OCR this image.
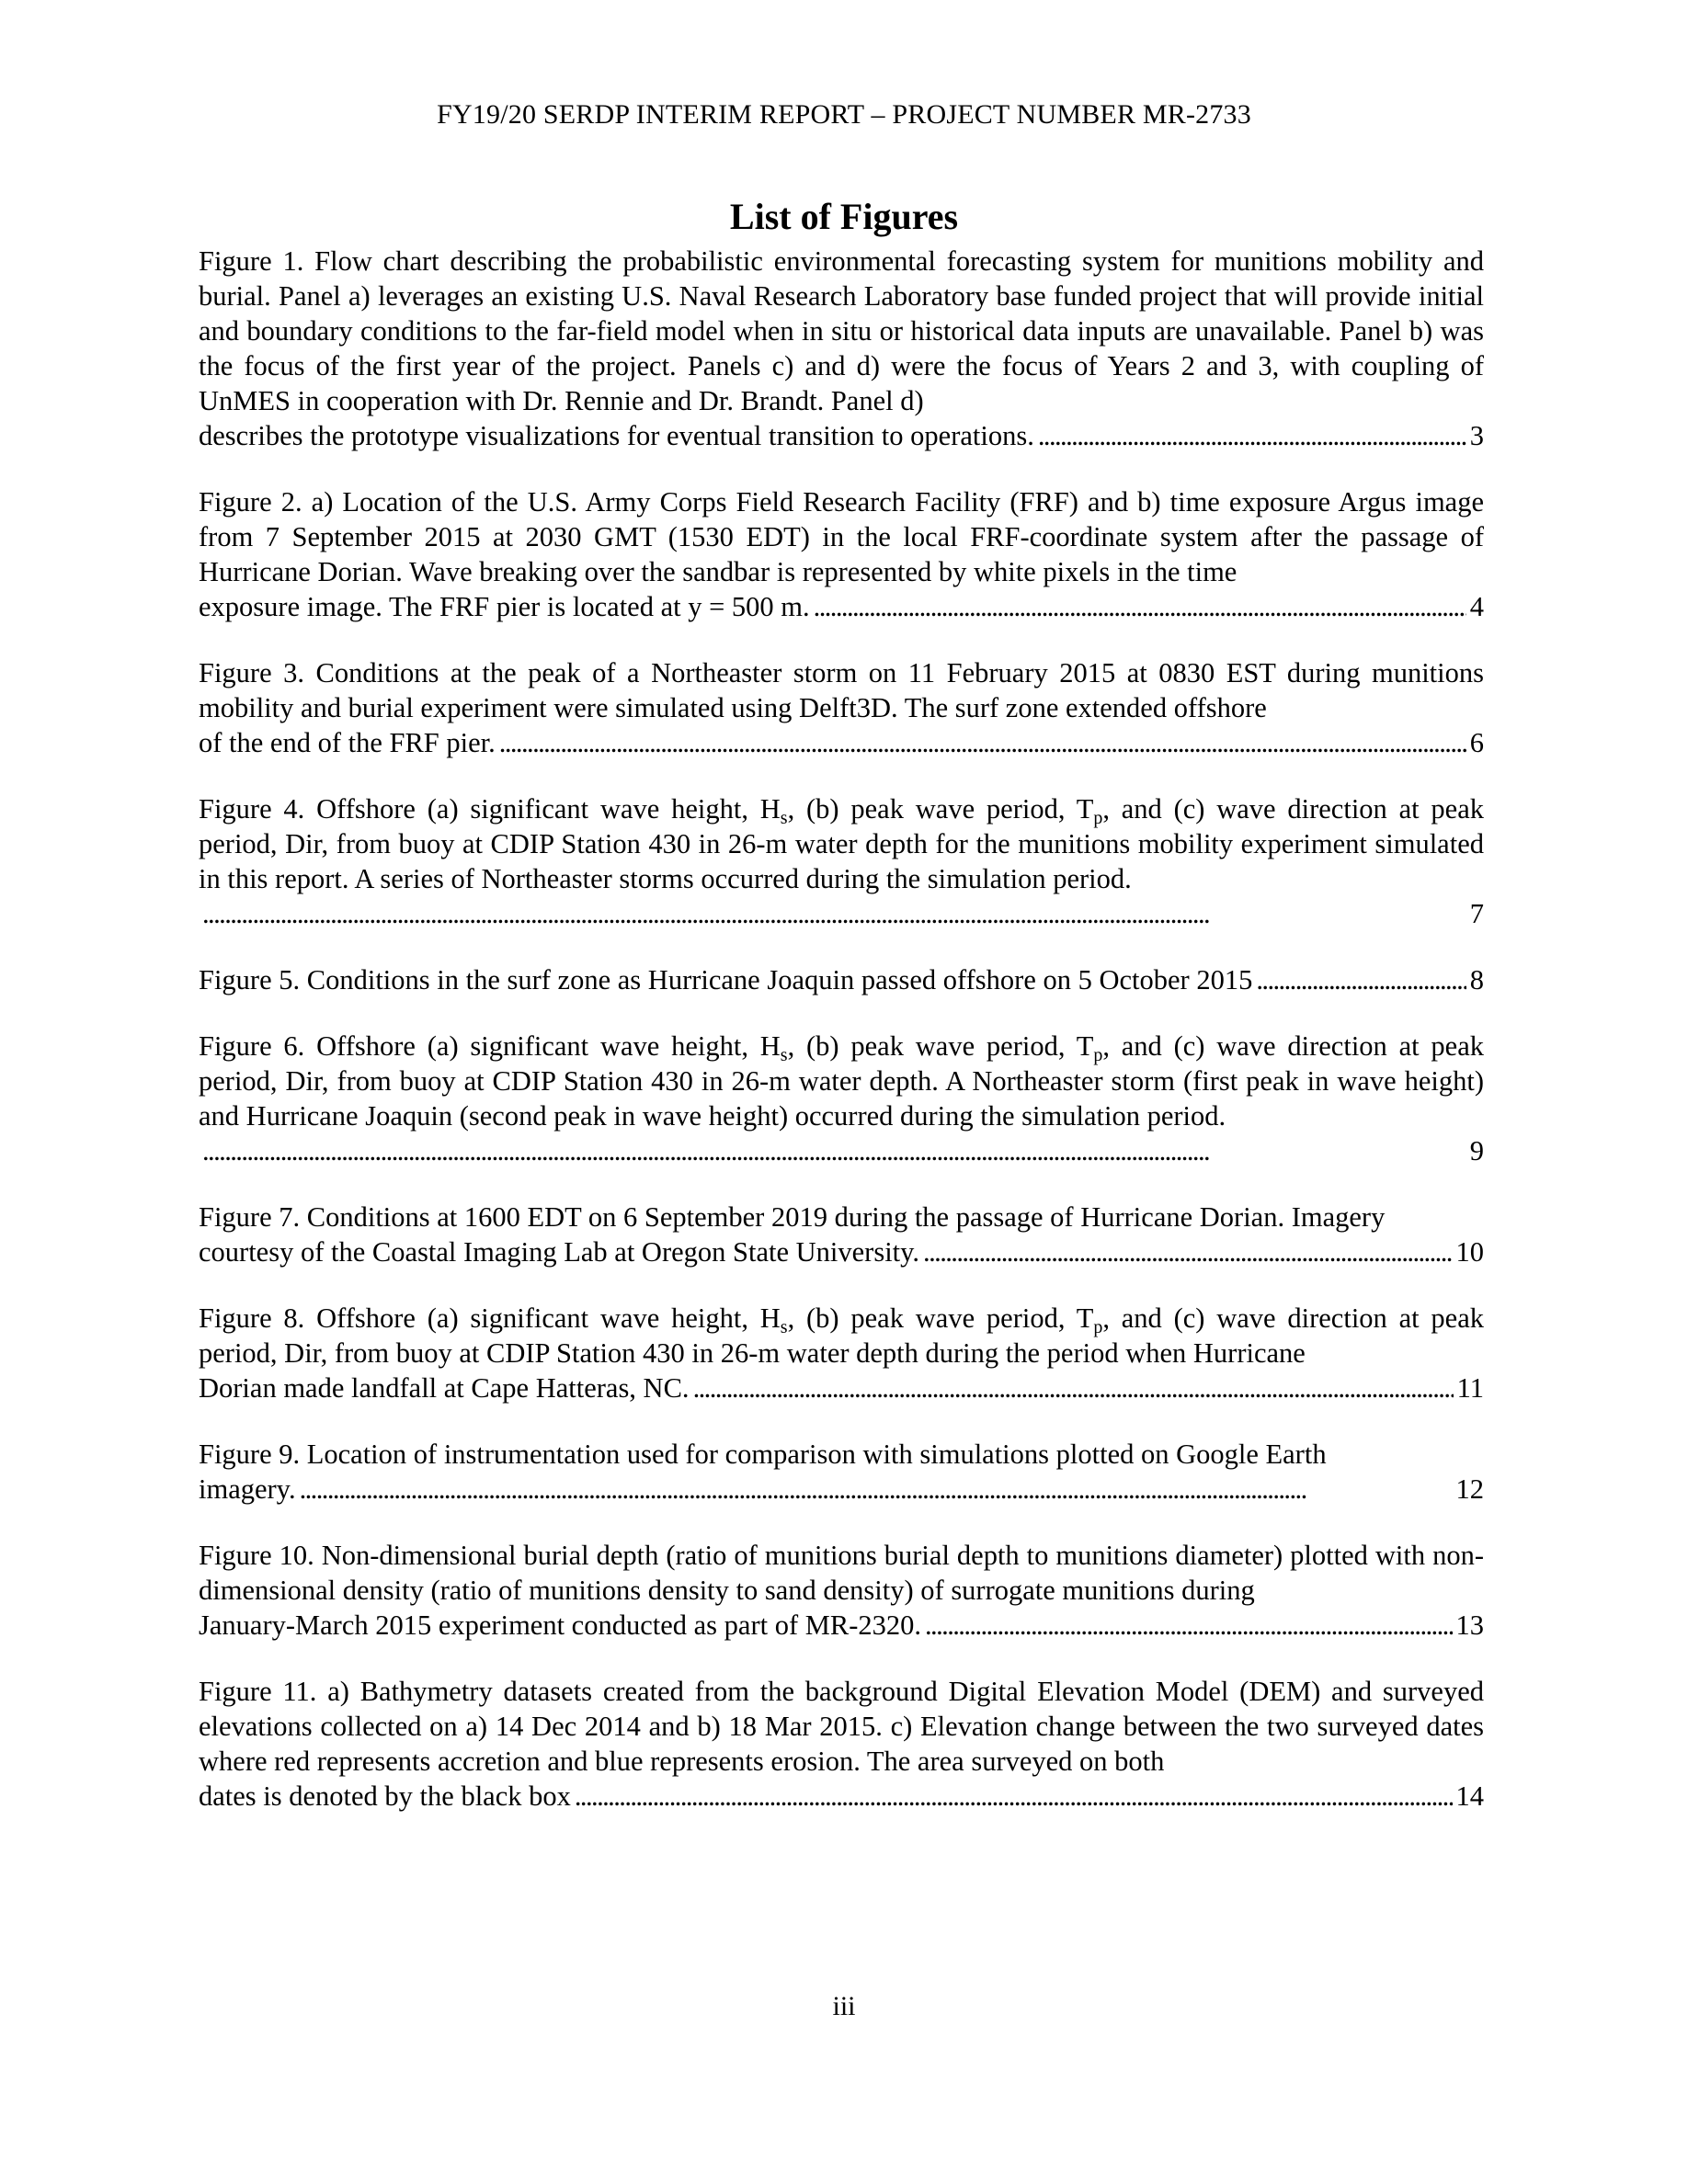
FY19/20 SERDP INTERIM REPORT – PROJECT NUMBER MR-2733
List of Figures
Figure 1. Flow chart describing the probabilistic environmental forecasting system for munitions mobility and burial. Panel a) leverages an existing U.S. Naval Research Laboratory base funded project that will provide initial and boundary conditions to the far-field model when in situ or historical data inputs are unavailable. Panel b) was the focus of the first year of the project. Panels c) and d) were the focus of Years 2 and 3, with coupling of UnMES in cooperation with Dr. Rennie and Dr. Brandt. Panel d)
describes the prototype visualizations for eventual transition to operations. . . .	3
Figure 2. a) Location of the U.S. Army Corps Field Research Facility (FRF) and b) time exposure Argus image from 7 September 2015 at 2030 GMT (1530 EDT) in the local FRF-coordinate system after the passage of Hurricane Dorian. Wave breaking over the sandbar is represented by white pixels in the time
exposure image. The FRF pier is located at y = 500 m. . . .	4
Figure 3. Conditions at the peak of a Northeaster storm on 11 February 2015 at 0830 EST during munitions mobility and burial experiment were simulated using Delft3D. The surf zone extended offshore
of the end of the FRF pier. . . .	6
Figure 4. Offshore (a) significant wave height, $H_s$, (b) peak wave period, $T_p$, and (c) wave direction at peak period, Dir, from buoy at CDIP Station 430 in 26-m water depth for the munitions mobility experiment simulated in this report. A series of Northeaster storms occurred during the simulation period.
. . .
7
Figure 5. Conditions in the surf zone as Hurricane Joaquin passed offshore on 5 October 2015 . . .	8
Figure 6. Offshore (a) significant wave height, $H_s$, (b) peak wave period, $T_p$, and (c) wave direction at peak period, Dir, from buoy at CDIP Station 430 in 26-m water depth. A Northeaster storm (first peak in wave height) and Hurricane Joaquin (second peak in wave height) occurred during the simulation period.
. . .
9
Figure 7. Conditions at 1600 EDT on 6 September 2019 during the passage of Hurricane Dorian. Imagery
courtesy of the Coastal Imaging Lab at Oregon State University. . . .	10
Figure 8. Offshore (a) significant wave height, $H_s$, (b) peak wave period, $T_p$, and (c) wave direction at peak period, Dir, from buoy at CDIP Station 430 in 26-m water depth during the period when Hurricane
Dorian made landfall at Cape Hatteras, NC. . . .	11
Figure 9. Location of instrumentation used for comparison with simulations plotted on Google Earth
imagery. . . .	12
Figure 10. Non-dimensional burial depth (ratio of munitions burial depth to munitions diameter) plotted with non-dimensional density (ratio of munitions density to sand density) of surrogate munitions during
January-March 2015 experiment conducted as part of MR-2320. . . .	13
Figure 11. a) Bathymetry datasets created from the background Digital Elevation Model (DEM) and surveyed elevations collected on a) 14 Dec 2014 and b) 18 Mar 2015. c) Elevation change between the two surveyed dates where red represents accretion and blue represents erosion. The area surveyed on both
dates is denoted by the black box . . .	14
iii
